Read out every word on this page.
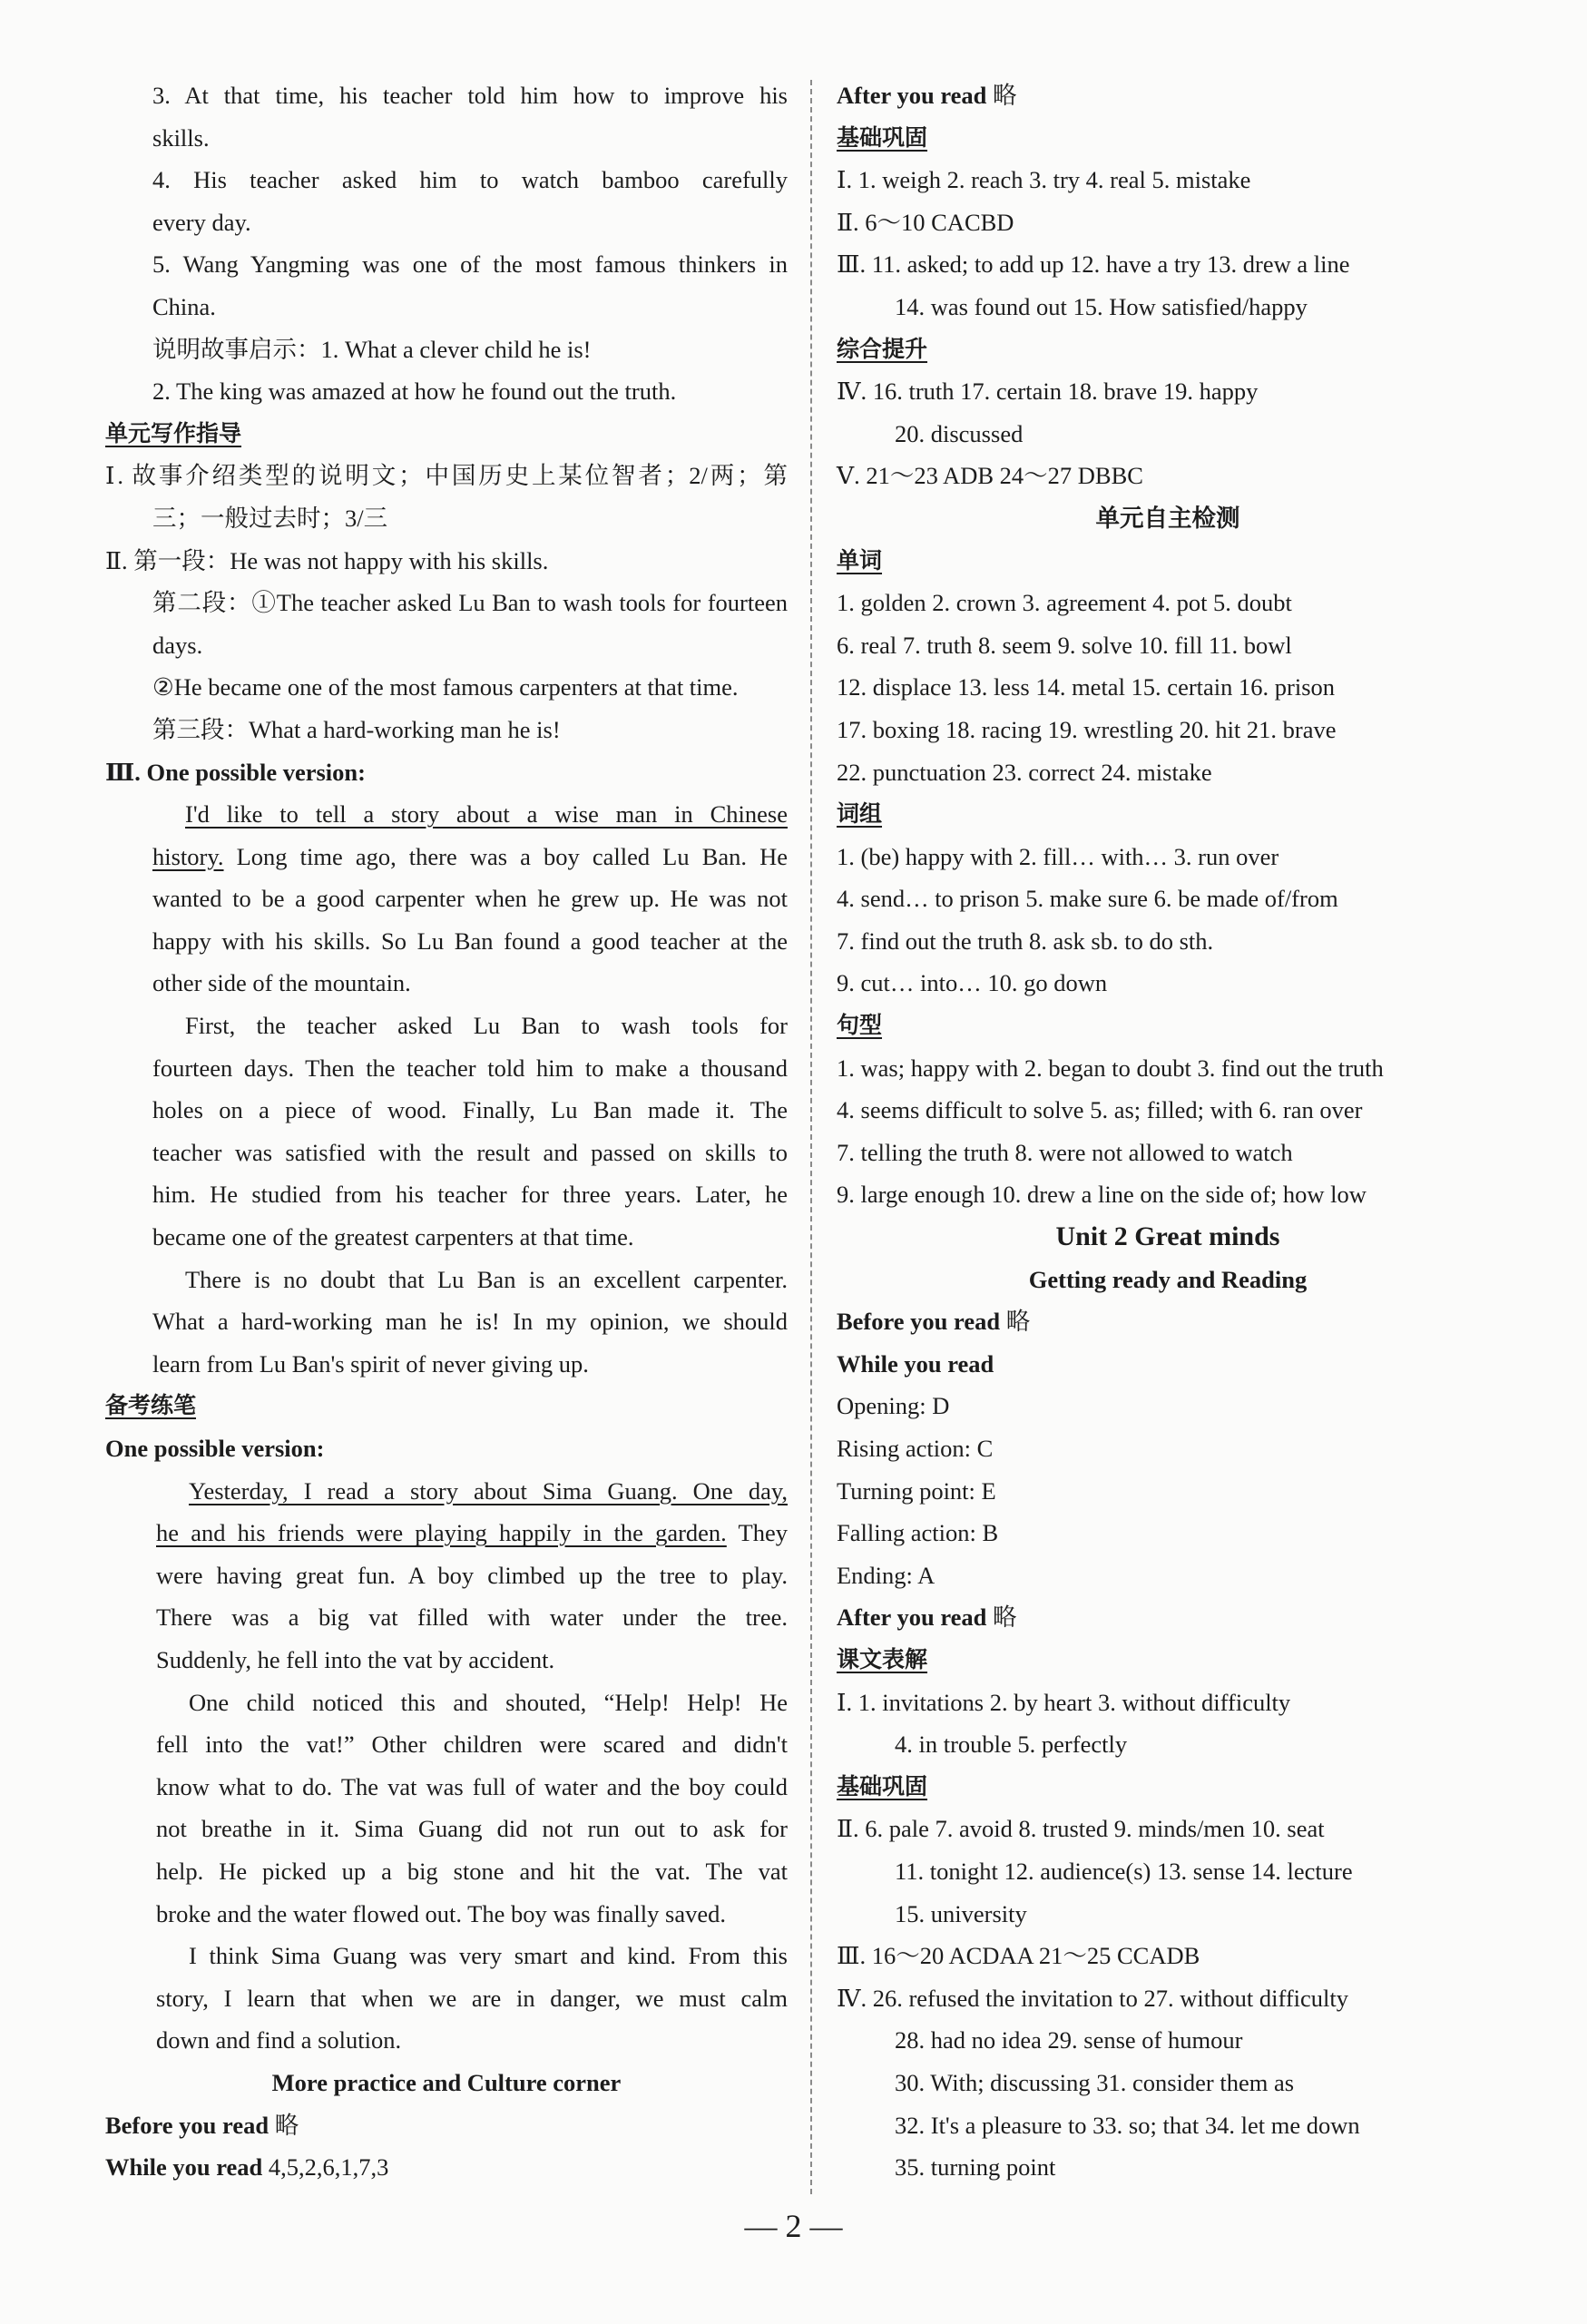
3. At that time, his teacher told him how to improve his
skills.
4. His teacher asked him to watch bamboo carefully
every day.
5. Wang Yangming was one of the most famous thinkers in
China.
说明故事启示：1. What a clever child he is!
2. The king was amazed at how he found out the truth.
单元写作指导
Ⅰ. 故事介绍类型的说明文；中国历史上某位智者；2/两；第
三；一般过去时；3/三
Ⅱ. 第一段：He was not happy with his skills.
第二段：①The teacher asked Lu Ban to wash tools for fourteen
days.
②He became one of the most famous carpenters at that time.
第三段：What a hard-working man he is!
Ⅲ. One possible version:
I'd like to tell a story about a wise man in Chinese
history. Long time ago, there was a boy called Lu Ban. He
wanted to be a good carpenter when he grew up. He was not
happy with his skills. So Lu Ban found a good teacher at the
other side of the mountain.
First, the teacher asked Lu Ban to wash tools for
fourteen days. Then the teacher told him to make a thousand
holes on a piece of wood. Finally, Lu Ban made it. The
teacher was satisfied with the result and passed on skills to
him. He studied from his teacher for three years. Later, he
became one of the greatest carpenters at that time.
There is no doubt that Lu Ban is an excellent carpenter.
What a hard-working man he is! In my opinion, we should
learn from Lu Ban's spirit of never giving up.
备考练笔
One possible version:
Yesterday, I read a story about Sima Guang. One day,
he and his friends were playing happily in the garden. They
were having great fun. A boy climbed up the tree to play.
There was a big vat filled with water under the tree.
Suddenly, he fell into the vat by accident.
One child noticed this and shouted, “Help! Help! He
fell into the vat!” Other children were scared and didn't
know what to do. The vat was full of water and the boy could
not breathe in it. Sima Guang did not run out to ask for
help. He picked up a big stone and hit the vat. The vat
broke and the water flowed out. The boy was finally saved.
I think Sima Guang was very smart and kind. From this
story, I learn that when we are in danger, we must calm
down and find a solution.
More practice and Culture corner
Before you read 略
While you read 4,5,2,6,1,7,3
After you read 略
基础巩固
Ⅰ. 1. weigh 2. reach 3. try 4. real 5. mistake
Ⅱ. 6～10 CACBD
Ⅲ. 11. asked; to add up 12. have a try 13. drew a line
14. was found out 15. How satisfied/happy
综合提升
Ⅳ. 16. truth 17. certain 18. brave 19. happy
20. discussed
Ⅴ. 21～23 ADB 24～27 DBBC
单元自主检测
单词
1. golden 2. crown 3. agreement 4. pot 5. doubt
6. real 7. truth 8. seem 9. solve 10. fill 11. bowl
12. displace 13. less 14. metal 15. certain 16. prison
17. boxing 18. racing 19. wrestling 20. hit 21. brave
22. punctuation 23. correct 24. mistake
词组
1. (be) happy with 2. fill… with… 3. run over
4. send… to prison 5. make sure 6. be made of/from
7. find out the truth 8. ask sb. to do sth.
9. cut… into… 10. go down
句型
1. was; happy with 2. began to doubt 3. find out the truth
4. seems difficult to solve 5. as; filled; with 6. ran over
7. telling the truth 8. were not allowed to watch
9. large enough 10. drew a line on the side of; how low
Unit 2 Great minds
Getting ready and Reading
Before you read 略
While you read
Opening: D
Rising action: C
Turning point: E
Falling action: B
Ending: A
After you read 略
课文表解
Ⅰ. 1. invitations 2. by heart 3. without difficulty
4. in trouble 5. perfectly
基础巩固
Ⅱ. 6. pale 7. avoid 8. trusted 9. minds/men 10. seat
11. tonight 12. audience(s) 13. sense 14. lecture
15. university
Ⅲ. 16～20 ACDAA 21～25 CCADB
Ⅳ. 26. refused the invitation to 27. without difficulty
28. had no idea 29. sense of humour
30. With; discussing 31. consider them as
32. It's a pleasure to 33. so; that 34. let me down
35. turning point
— 2 —
